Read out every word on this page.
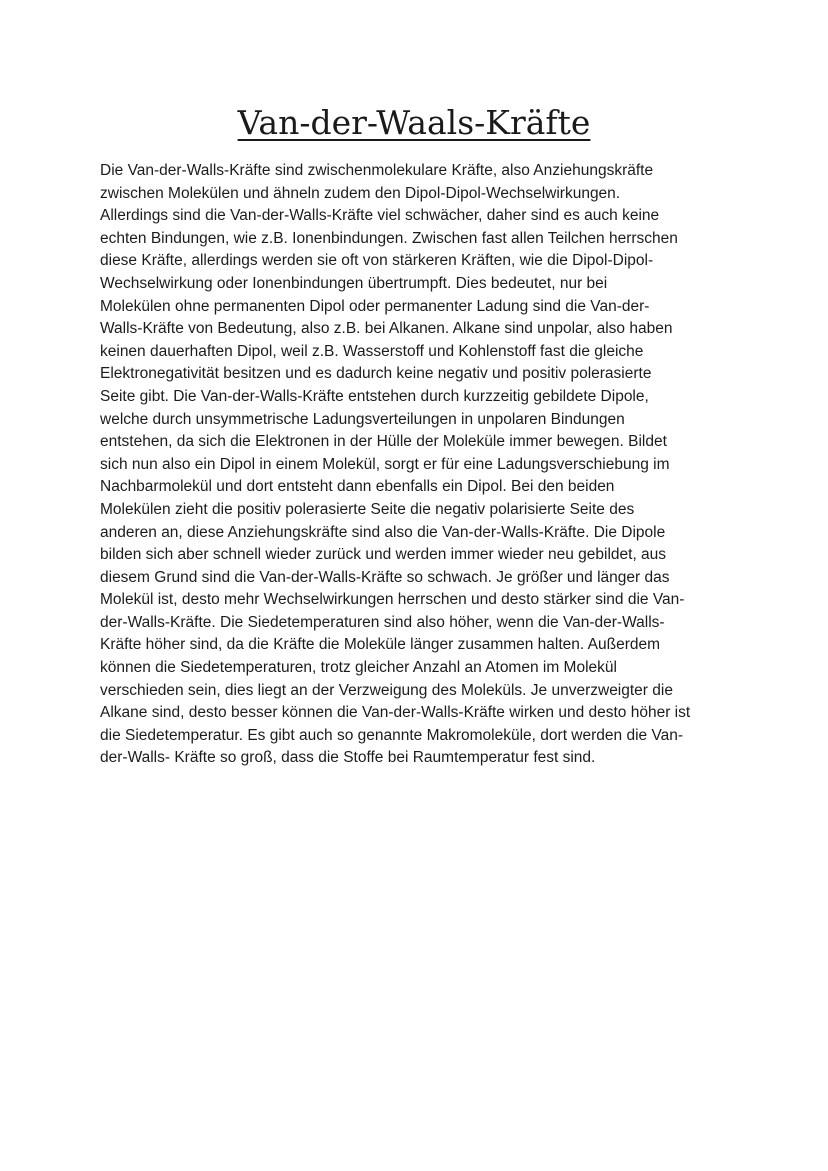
Van-der-Waals-Kräfte
Die Van-der-Walls-Kräfte sind zwischenmolekulare Kräfte, also Anziehungskräfte
zwischen Molekülen und ähneln zudem den Dipol-Dipol-Wechselwirkungen.
Allerdings sind die Van-der-Walls-Kräfte viel schwächer, daher sind es auch keine
echten Bindungen, wie z.B. Ionenbindungen. Zwischen fast allen Teilchen herrschen
diese Kräfte, allerdings werden sie oft von stärkeren Kräften, wie die Dipol-Dipol-
Wechselwirkung oder Ionenbindungen übertrumpft. Dies bedeutet, nur bei
Molekülen ohne permanenten Dipol oder permanenter Ladung sind die Van-der-
Walls-Kräfte von Bedeutung, also z.B. bei Alkanen. Alkane sind unpolar, also haben
keinen dauerhaften Dipol, weil z.B. Wasserstoff und Kohlenstoff fast die gleiche
Elektronegativität besitzen und es dadurch keine negativ und positiv polerasierte
Seite gibt. Die Van-der-Walls-Kräfte entstehen durch kurzzeitig gebildete Dipole,
welche durch unsymmetrische Ladungsverteilungen in unpolaren Bindungen
entstehen, da sich die Elektronen in der Hülle der Moleküle immer bewegen. Bildet
sich nun also ein Dipol in einem Molekül, sorgt er für eine Ladungsverschiebung im
Nachbarmolekül und dort entsteht dann ebenfalls ein Dipol. Bei den beiden
Molekülen zieht die positiv polerasierte Seite die negativ polarisierte Seite des
anderen an, diese Anziehungskräfte sind also die Van-der-Walls-Kräfte. Die Dipole
bilden sich aber schnell wieder zurück und werden immer wieder neu gebildet, aus
diesem Grund sind die Van-der-Walls-Kräfte so schwach. Je größer und länger das
Molekül ist, desto mehr Wechselwirkungen herrschen und desto stärker sind die Van-
der-Walls-Kräfte. Die Siedetemperaturen sind also höher, wenn die Van-der-Walls-
Kräfte höher sind, da die Kräfte die Moleküle länger zusammen halten. Außerdem
können die Siedetemperaturen, trotz gleicher Anzahl an Atomen im Molekül
verschieden sein, dies liegt an der Verzweigung des Moleküls. Je unverzweigter die
Alkane sind, desto besser können die Van-der-Walls-Kräfte wirken und desto höher ist
die Siedetemperatur. Es gibt auch so genannte Makromoleküle, dort werden die Van-
der-Walls- Kräfte so groß, dass die Stoffe bei Raumtemperatur fest sind.
